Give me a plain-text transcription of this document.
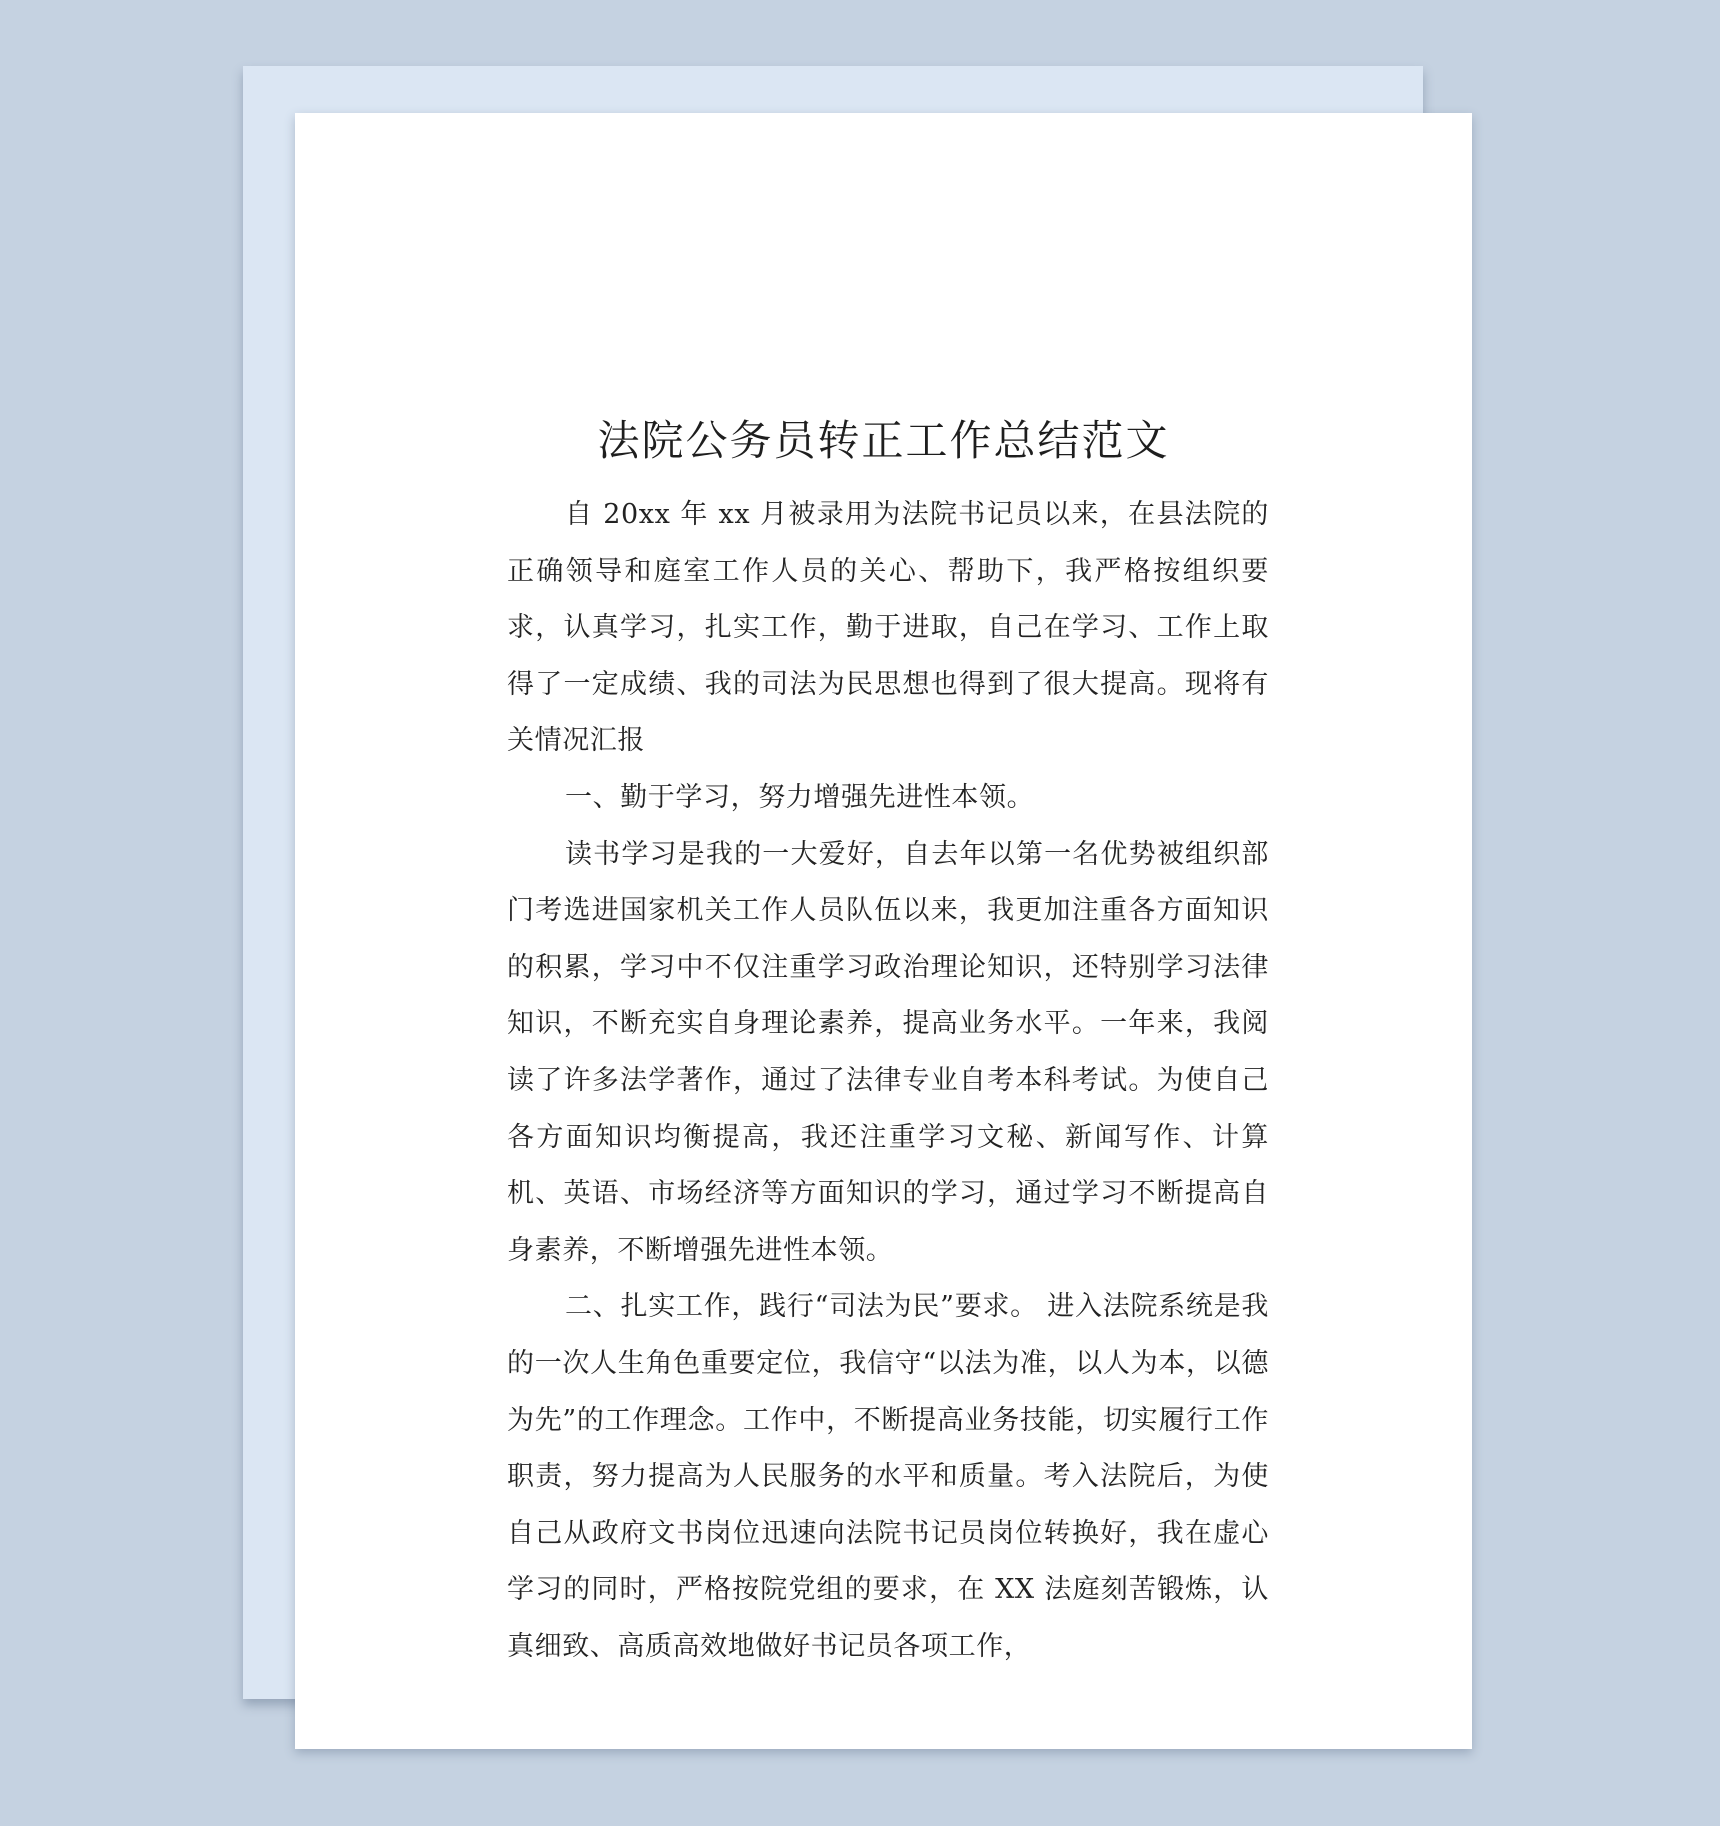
法院公务员转正工作总结范文

自 20xx 年 xx 月被录用为法院书记员以来，在县法院的正确领导和庭室工作人员的关心、帮助下，我严格按组织要求，认真学习，扎实工作，勤于进取，自己在学习、工作上取得了一定成绩、我的司法为民思想也得到了很大提高。现将有关情况汇报

一、勤于学习，努力增强先进性本领。

读书学习是我的一大爱好，自去年以第一名优势被组织部门考选进国家机关工作人员队伍以来，我更加注重各方面知识的积累，学习中不仅注重学习政治理论知识，还特别学习法律知识，不断充实自身理论素养，提高业务水平。一年来，我阅读了许多法学著作，通过了法律专业自考本科考试。为使自己各方面知识均衡提高，我还注重学习文秘、新闻写作、计算机、英语、市场经济等方面知识的学习，通过学习不断提高自身素养，不断增强先进性本领。

二、扎实工作，践行“司法为民”要求。 进入法院系统是我的一次人生角色重要定位，我信守“以法为准，以人为本，以德为先”的工作理念。工作中，不断提高业务技能，切实履行工作职责，努力提高为人民服务的水平和质量。考入法院后，为使自己从政府文书岗位迅速向法院书记员岗位转换好，我在虚心学习的同时，严格按院党组的要求，在 XX 法庭刻苦锻炼，认真细致、高质高效地做好书记员各项工作，
